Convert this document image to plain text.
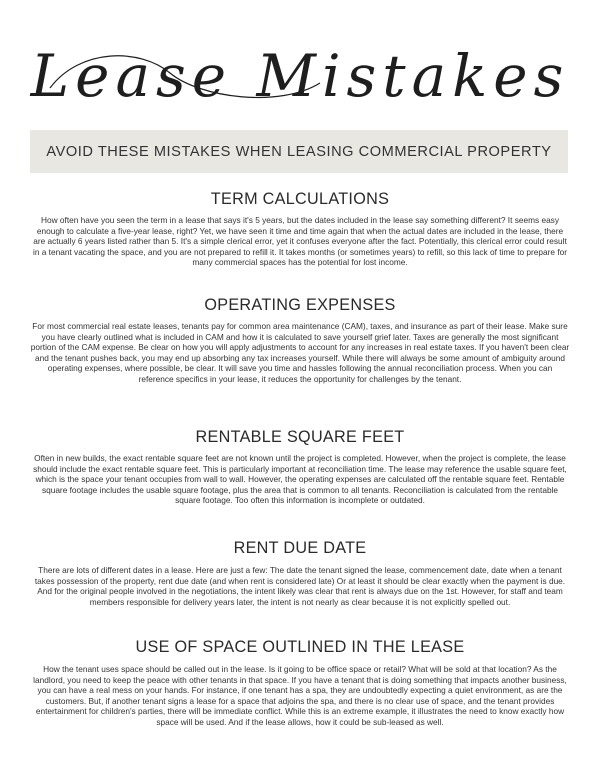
Lease Mistakes
AVOID THESE MISTAKES WHEN LEASING COMMERCIAL PROPERTY
TERM CALCULATIONS

How often have you seen the term in a lease that says it's 5 years, but the dates included in the lease say something different? It seems easy enough to calculate a five-year lease, right? Yet, we have seen it time and time again that when the actual dates are included in the lease, there are actually 6 years listed rather than 5. It's a simple clerical error, yet it confuses everyone after the fact. Potentially, this clerical error could result in a tenant vacating the space, and you are not prepared to refill it. It takes months (or sometimes years) to refill, so this lack of time to prepare for many commercial spaces has the potential for lost income.

OPERATING EXPENSES

For most commercial real estate leases, tenants pay for common area maintenance (CAM), taxes, and insurance as part of their lease. Make sure you have clearly outlined what is included in CAM and how it is calculated to save yourself grief later. Taxes are generally the most significant portion of the CAM expense. Be clear on how you will apply adjustments to account for any increases in real estate taxes. If you haven't been clear and the tenant pushes back, you may end up absorbing any tax increases yourself. While there will always be some amount of ambiguity around operating expenses, where possible, be clear. It will save you time and hassles following the annual reconciliation process. When you can reference specifics in your lease, it reduces the opportunity for challenges by the tenant.

RENTABLE SQUARE FEET

Often in new builds, the exact rentable square feet are not known until the project is completed. However, when the project is complete, the lease should include the exact rentable square feet. This is particularly important at reconciliation time. The lease may reference the usable square feet, which is the space your tenant occupies from wall to wall. However, the operating expenses are calculated off the rentable square feet. Rentable square footage includes the usable square footage, plus the area that is common to all tenants. Reconciliation is calculated from the rentable square footage. Too often this information is incomplete or outdated.

RENT DUE DATE

There are lots of different dates in a lease. Here are just a few: The date the tenant signed the lease, commencement date, date when a tenant takes possession of the property, rent due date (and when rent is considered late) Or at least it should be clear exactly when the payment is due. And for the original people involved in the negotiations, the intent likely was clear that rent is always due on the 1st. However, for staff and team members responsible for delivery years later, the intent is not nearly as clear because it is not explicitly spelled out.

USE OF SPACE OUTLINED IN THE LEASE

How the tenant uses space should be called out in the lease. Is it going to be office space or retail? What will be sold at that location? As the landlord, you need to keep the peace with other tenants in that space. If you have a tenant that is doing something that impacts another business, you can have a real mess on your hands. For instance, if one tenant has a spa, they are undoubtedly expecting a quiet environment, as are the customers. But, if another tenant signs a lease for a space that adjoins the spa, and there is no clear use of space, and the tenant provides entertainment for children's parties, there will be immediate conflict. While this is an extreme example, it illustrates the need to know exactly how space will be used. And if the lease allows, how it could be sub-leased as well.
